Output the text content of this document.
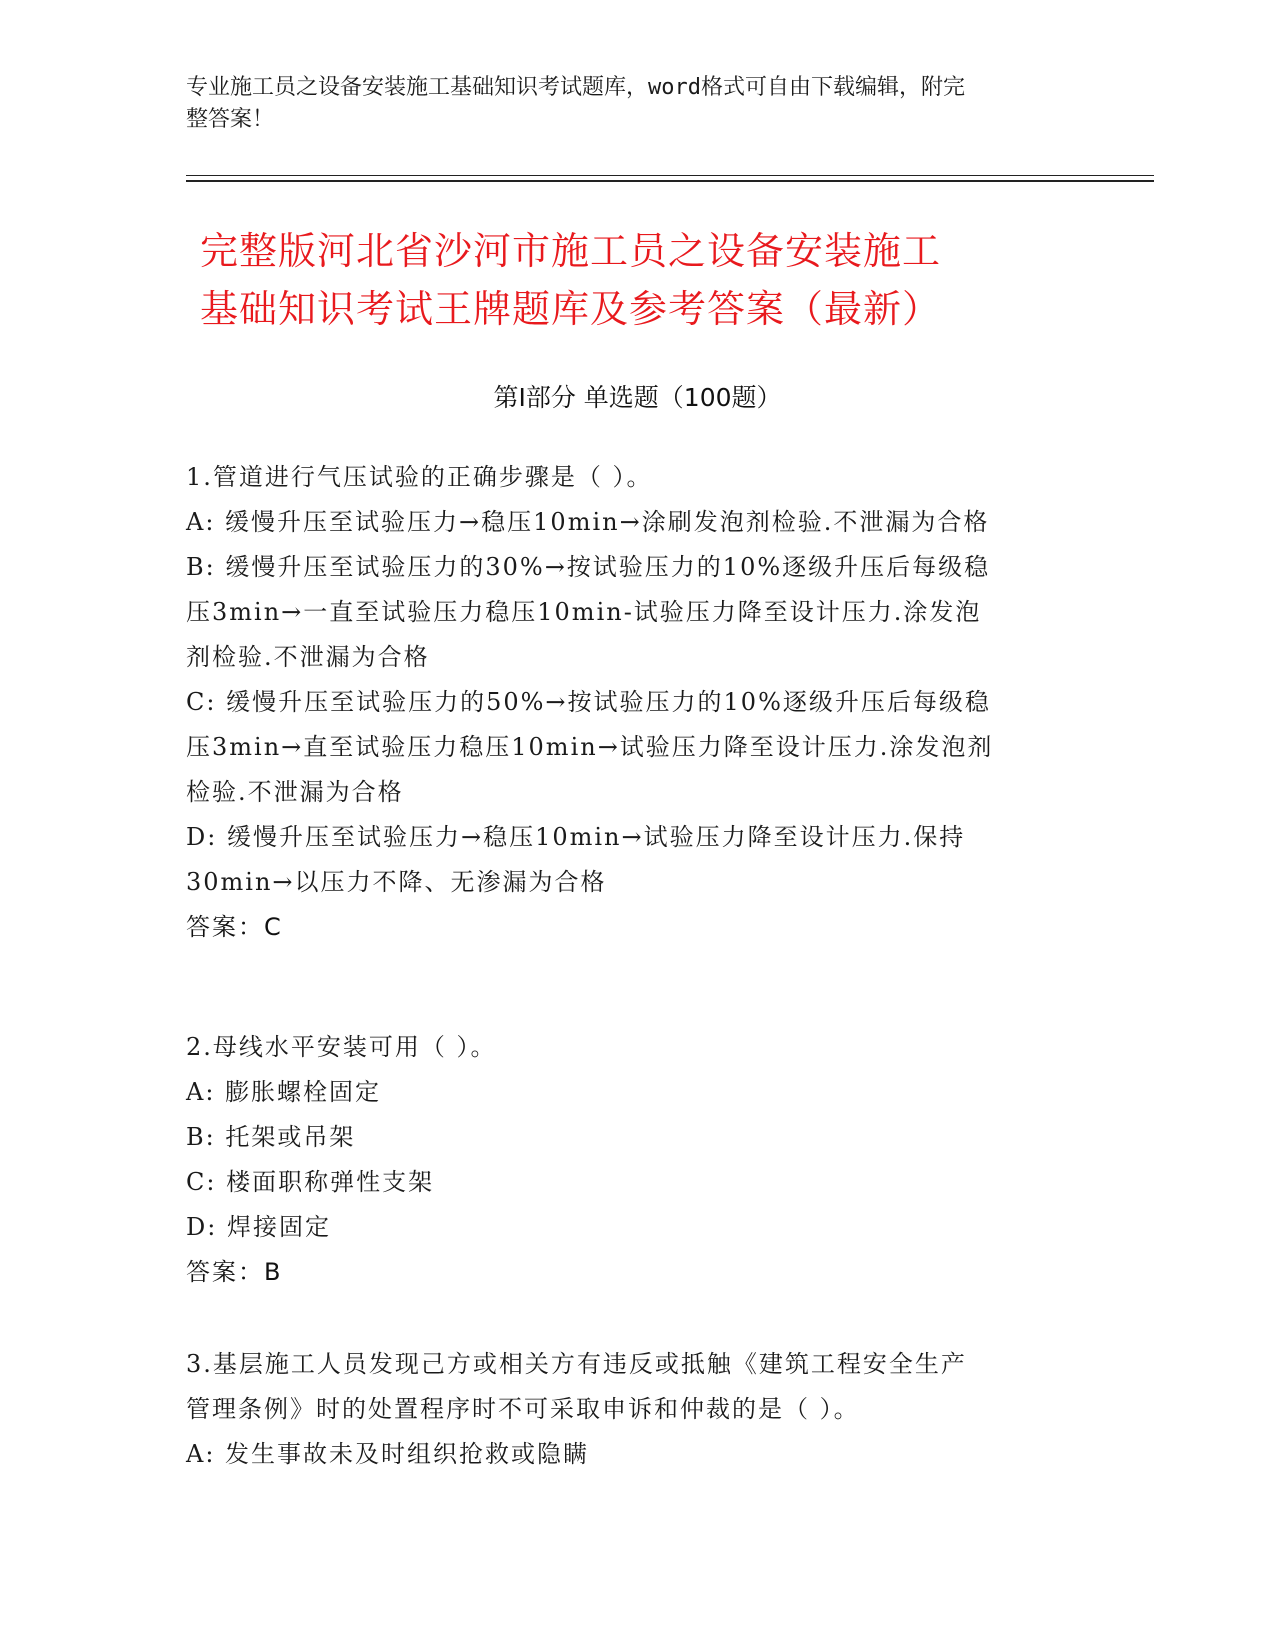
专业施工员之设备安装施工基础知识考试题库，word格式可自由下载编辑，附完
整答案！
完整版河北省沙河市施工员之设备安装施工
基础知识考试王牌题库及参考答案（最新）
第Ⅰ部分 单选题（100题）
1.管道进行气压试验的正确步骤是（ ）。
A: 缓慢升压至试验压力→稳压10min→涂刷发泡剂检验.不泄漏为合格
B: 缓慢升压至试验压力的30%→按试验压力的10%逐级升压后每级稳
压3min→一直至试验压力稳压10min-试验压力降至设计压力.涂发泡
剂检验.不泄漏为合格
C: 缓慢升压至试验压力的50%→按试验压力的10%逐级升压后每级稳
压3min→直至试验压力稳压10min→试验压力降至设计压力.涂发泡剂
检验.不泄漏为合格
D: 缓慢升压至试验压力→稳压10min→试验压力降至设计压力.保持
30min→以压力不降、无渗漏为合格
答案：C
2.母线水平安装可用（ ）。
A: 膨胀螺栓固定
B: 托架或吊架
C: 楼面职称弹性支架
D: 焊接固定
答案：B
3.基层施工人员发现己方或相关方有违反或抵触《建筑工程安全生产
管理条例》时的处置程序时不可采取申诉和仲裁的是（ ）。
A: 发生事故未及时组织抢救或隐瞒
